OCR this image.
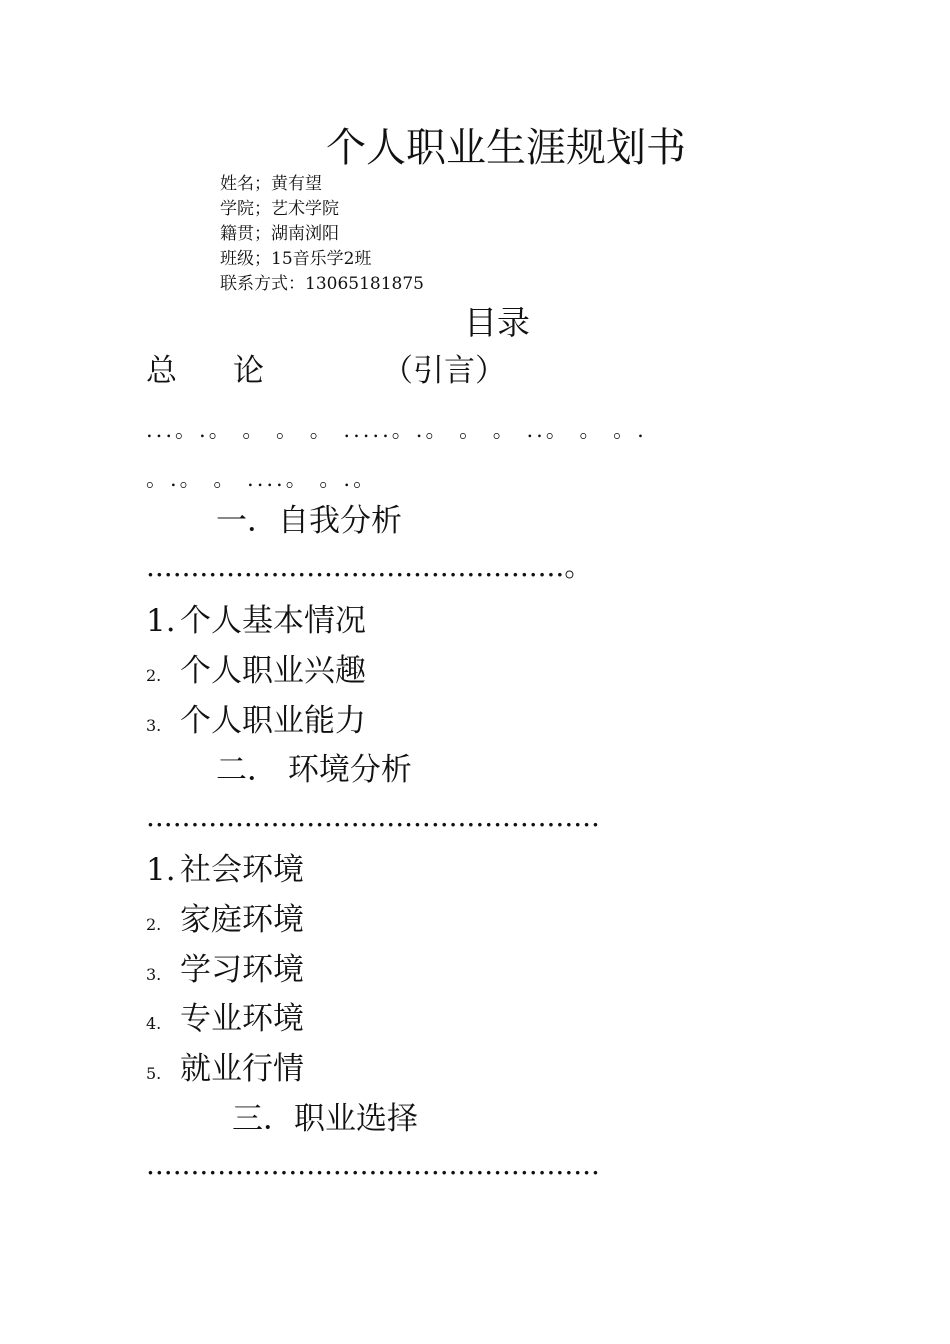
个人职业生涯规划书
姓名；黄有望
学院；艺术学院
籍贯；湖南浏阳
班级；15音乐学2班
联系方式：13065181875
目录
总 论	（引言）
...。.。 。 。 。 .....。.。 。 。 ..。 。 。.
。.。 。 ....。 。.。
一．自我分析
...............................................。
1. 个人基本情况
2. 个人职业兴趣
3. 个人职业能力
二． 环境分析
...................................................
1. 社会环境
2. 家庭环境
3. 学习环境
4. 专业环境
5. 就业行情
三．职业选择
...................................................
